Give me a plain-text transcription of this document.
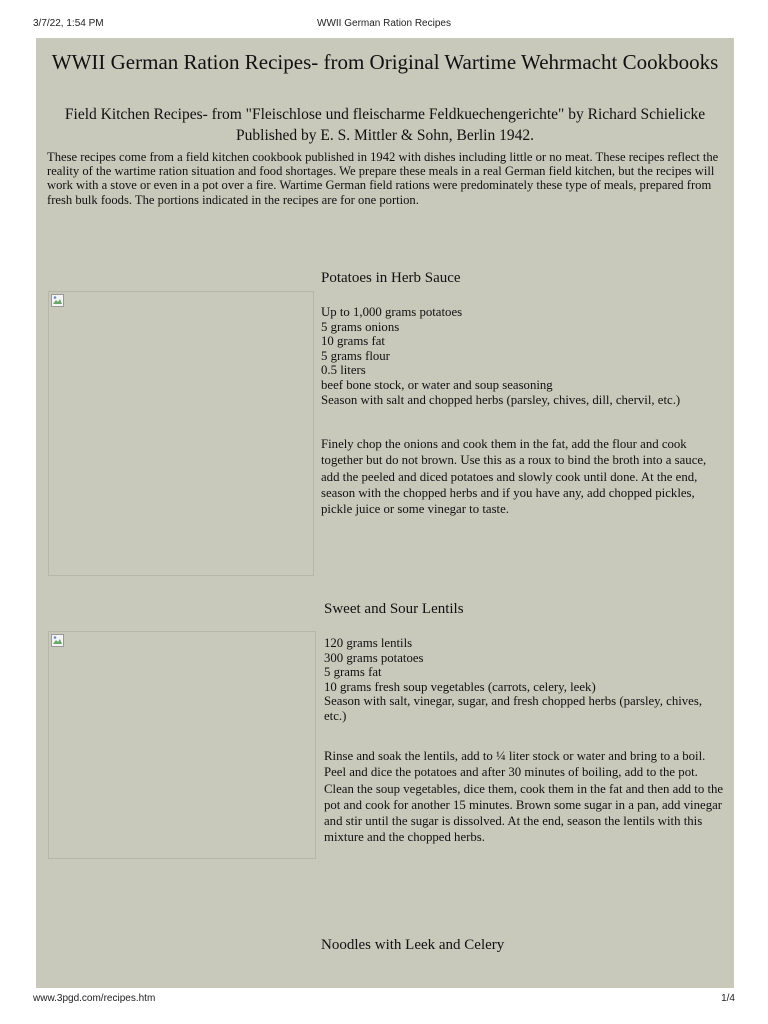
3/7/22, 1:54 PM	WWII German Ration Recipes
WWII German Ration Recipes- from Original Wartime Wehrmacht Cookbooks
Field Kitchen Recipes- from "Fleischlose und fleischarme Feldkuechengerichte" by Richard Schielicke
Published by E. S. Mittler & Sohn, Berlin 1942.
These recipes come from a field kitchen cookbook published in 1942 with dishes including little or no meat. These recipes reflect the reality of the wartime ration situation and food shortages. We prepare these meals in a real German field kitchen, but the recipes will work with a stove or even in a pot over a fire. Wartime German field rations were predominately these type of meals, prepared from fresh bulk foods. The portions indicated in the recipes are for one portion.
Potatoes in Herb Sauce
Up to 1,000 grams potatoes
5 grams onions
10 grams fat
5 grams flour
0.5 liters
beef bone stock, or water and soup seasoning
Season with salt and chopped herbs (parsley, chives, dill, chervil, etc.)
Finely chop the onions and cook them in the fat, add the flour and cook together but do not brown. Use this as a roux to bind the broth into a sauce, add the peeled and diced potatoes and slowly cook until done. At the end, season with the chopped herbs and if you have any, add chopped pickles, pickle juice or some vinegar to taste.
Sweet and Sour Lentils
120 grams lentils
300 grams potatoes
5 grams fat
10 grams fresh soup vegetables (carrots, celery, leek)
Season with salt, vinegar, sugar, and fresh chopped herbs (parsley, chives, etc.)
Rinse and soak the lentils, add to ¼ liter stock or water and bring to a boil. Peel and dice the potatoes and after 30 minutes of boiling, add to the pot. Clean the soup vegetables, dice them, cook them in the fat and then add to the pot and cook for another 15 minutes. Brown some sugar in a pan, add vinegar and stir until the sugar is dissolved. At the end, season the lentils with this mixture and the chopped herbs.
Noodles with Leek and Celery
www.3pgd.com/recipes.htm	1/4
